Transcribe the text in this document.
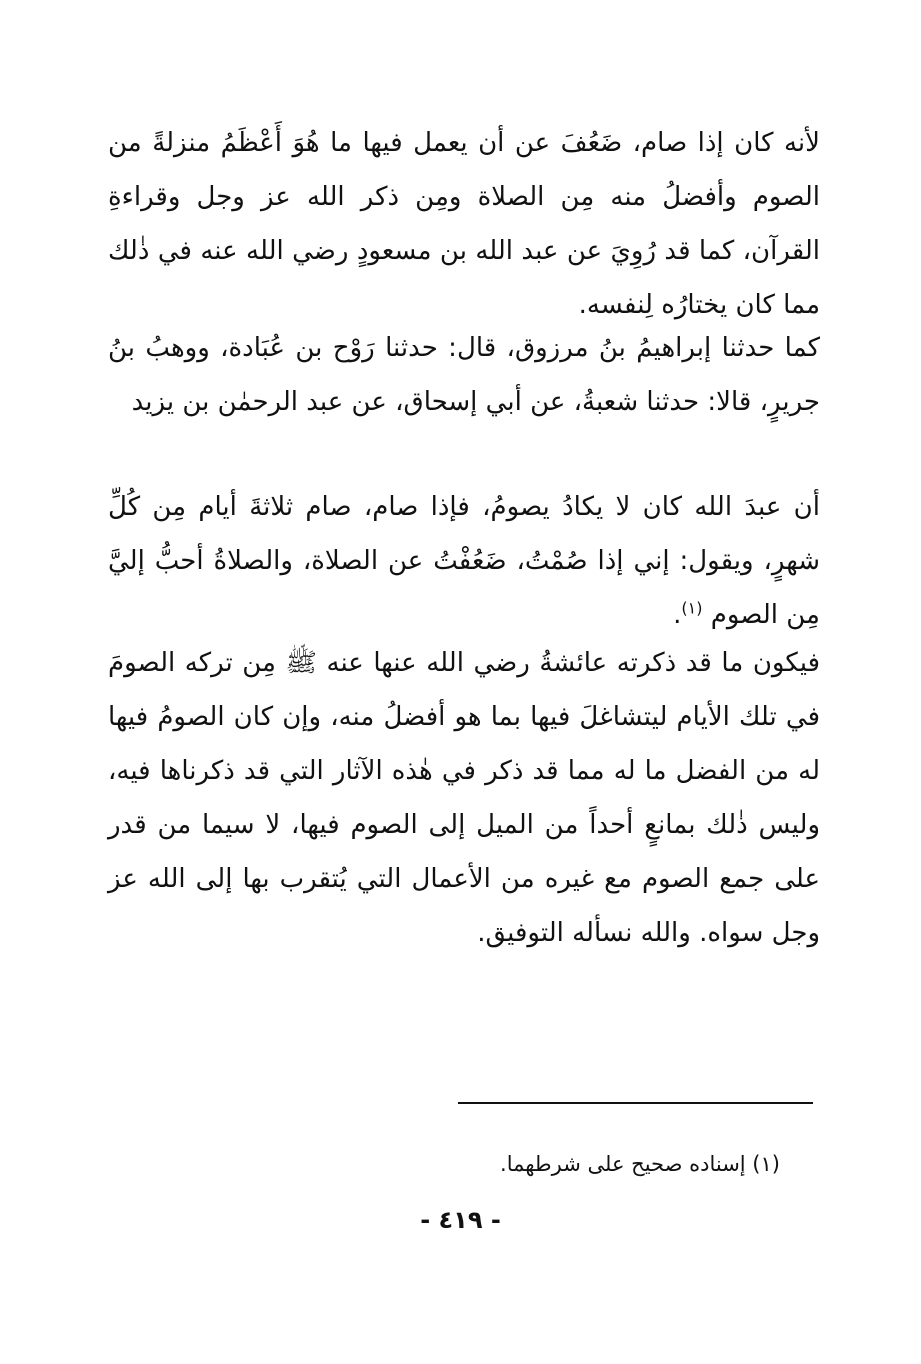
لأنه كان إذا صام، ضَعُفَ عن أن يعمل فيها ما هُوَ أَعْظَمُ منزلةً من الصوم وأفضلُ منه مِن الصلاة ومِن ذكر الله عز وجل وقراءةِ القرآن، كما قد رُوِيَ عن عبد الله بن مسعودٍ رضي الله عنه في ذٰلك مما كان يختارُه لِنفسه.

كما حدثنا إبراهيمُ بنُ مرزوق، قال: حدثنا رَوْح بن عُبَادة، ووهبُ بنُ جريرٍ، قالا: حدثنا شعبةُ، عن أبي إسحاق، عن عبد الرحمٰن بن يزيد

أن عبدَ الله كان لا يكادُ يصومُ، فإذا صام، صام ثلاثةَ أيام مِن كُلِّ شهرٍ، ويقول: إني إذا صُمْتُ، ضَعُفْتُ عن الصلاة، والصلاةُ أحبُّ إليَّ مِن الصوم $^{(١)}$.

فيكون ما قد ذكرته عائشةُ رضي الله عنها عنه ﷺ مِن تركه الصومَ في تلك الأيام ليتشاغلَ فيها بما هو أفضلُ منه، وإن كان الصومُ فيها له من الفضل ما له مما قد ذكر في هٰذه الآثار التي قد ذكرناها فيه، وليس ذٰلك بمانعٍ أحداً من الميل إلى الصوم فيها، لا سيما من قدر على جمع الصوم مع غيره من الأعمال التي يُتقرب بها إلى الله عز وجل سواه. والله نسأله التوفيق.

(١) إسناده صحيح على شرطهما.
- ٤١٩ -
